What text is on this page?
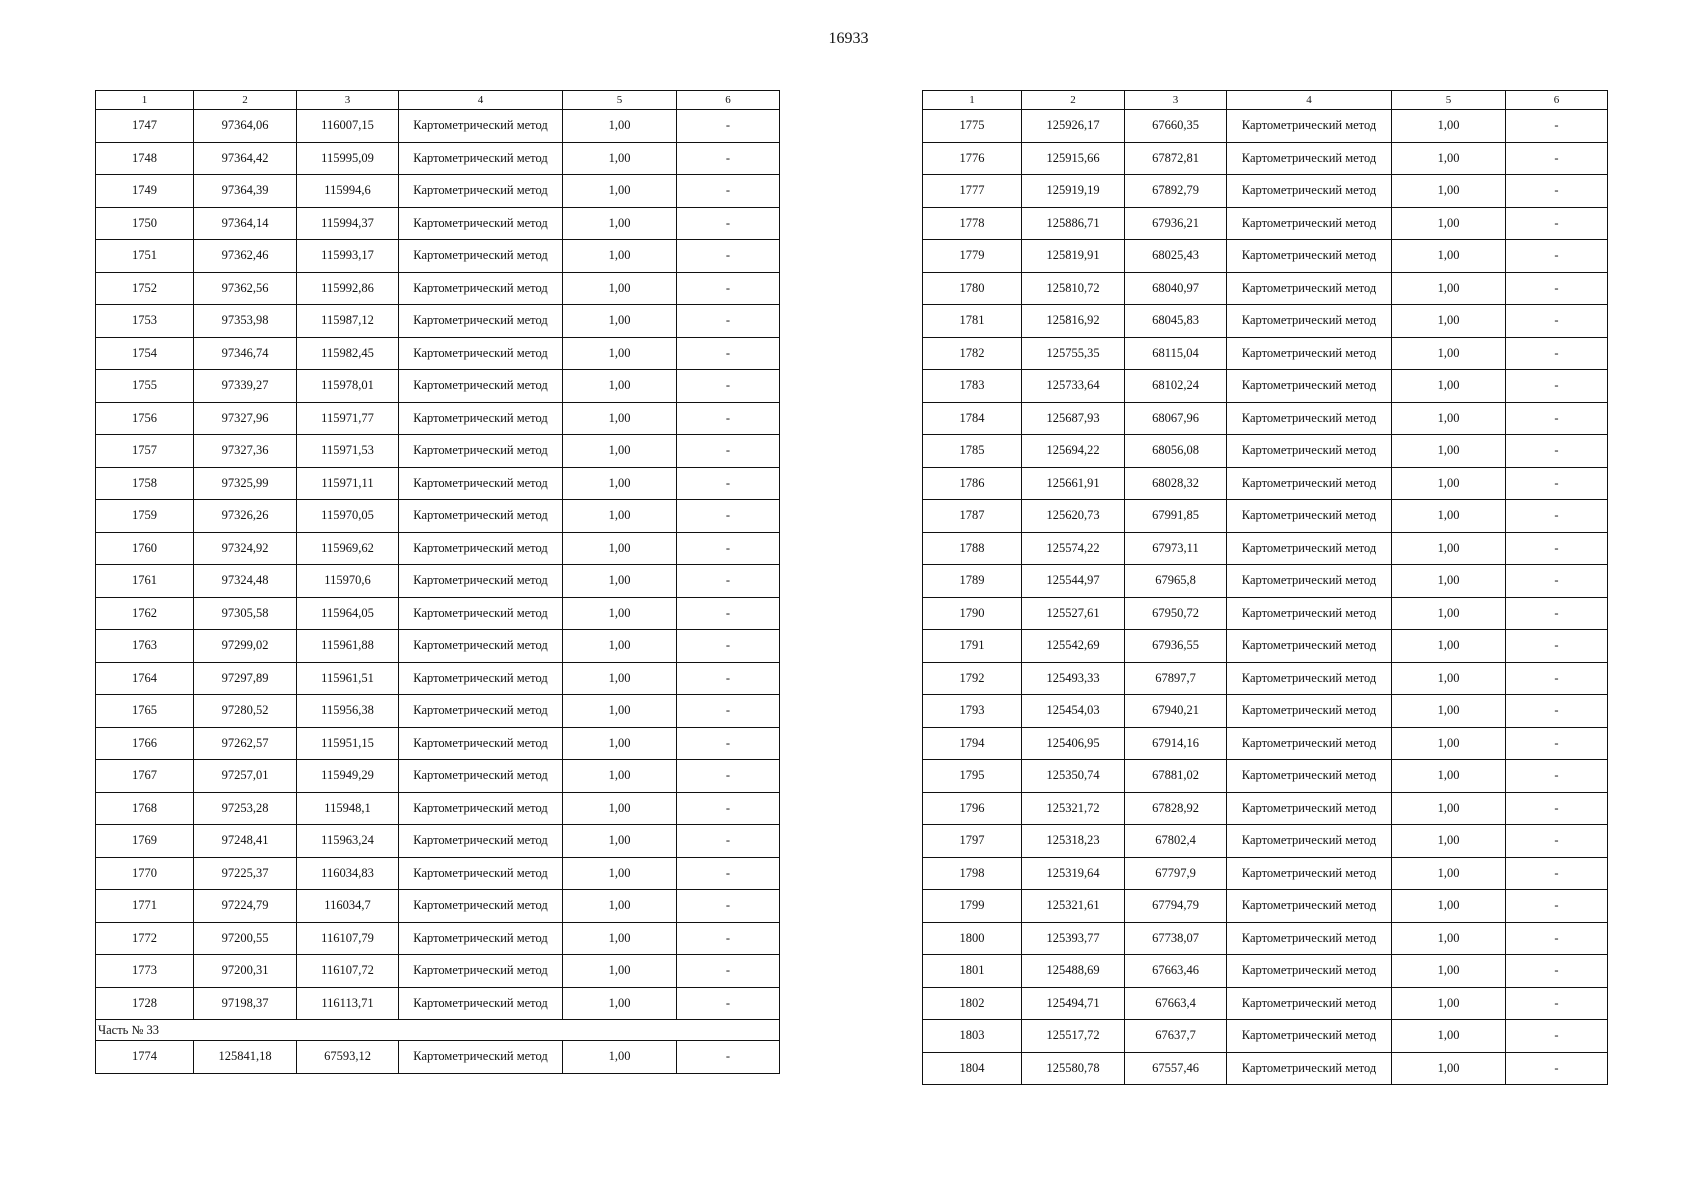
16933
1	2	3	4	5	6
1747	97364,06	116007,15	Картометрический метод	1,00	-
1748	97364,42	115995,09	Картометрический метод	1,00	-
1749	97364,39	115994,6	Картометрический метод	1,00	-
1750	97364,14	115994,37	Картометрический метод	1,00	-
1751	97362,46	115993,17	Картометрический метод	1,00	-
1752	97362,56	115992,86	Картометрический метод	1,00	-
1753	97353,98	115987,12	Картометрический метод	1,00	-
1754	97346,74	115982,45	Картометрический метод	1,00	-
1755	97339,27	115978,01	Картометрический метод	1,00	-
1756	97327,96	115971,77	Картометрический метод	1,00	-
1757	97327,36	115971,53	Картометрический метод	1,00	-
1758	97325,99	115971,11	Картометрический метод	1,00	-
1759	97326,26	115970,05	Картометрический метод	1,00	-
1760	97324,92	115969,62	Картометрический метод	1,00	-
1761	97324,48	115970,6	Картометрический метод	1,00	-
1762	97305,58	115964,05	Картометрический метод	1,00	-
1763	97299,02	115961,88	Картометрический метод	1,00	-
1764	97297,89	115961,51	Картометрический метод	1,00	-
1765	97280,52	115956,38	Картометрический метод	1,00	-
1766	97262,57	115951,15	Картометрический метод	1,00	-
1767	97257,01	115949,29	Картометрический метод	1,00	-
1768	97253,28	115948,1	Картометрический метод	1,00	-
1769	97248,41	115963,24	Картометрический метод	1,00	-
1770	97225,37	116034,83	Картометрический метод	1,00	-
1771	97224,79	116034,7	Картометрический метод	1,00	-
1772	97200,55	116107,79	Картометрический метод	1,00	-
1773	97200,31	116107,72	Картометрический метод	1,00	-
1728	97198,37	116113,71	Картометрический метод	1,00	-
Часть № 33					
1774	125841,18	67593,12	Картометрический метод	1,00	-
1	2	3	4	5	6
1775	125926,17	67660,35	Картометрический метод	1,00	-
1776	125915,66	67872,81	Картометрический метод	1,00	-
1777	125919,19	67892,79	Картометрический метод	1,00	-
1778	125886,71	67936,21	Картометрический метод	1,00	-
1779	125819,91	68025,43	Картометрический метод	1,00	-
1780	125810,72	68040,97	Картометрический метод	1,00	-
1781	125816,92	68045,83	Картометрический метод	1,00	-
1782	125755,35	68115,04	Картометрический метод	1,00	-
1783	125733,64	68102,24	Картометрический метод	1,00	-
1784	125687,93	68067,96	Картометрический метод	1,00	-
1785	125694,22	68056,08	Картометрический метод	1,00	-
1786	125661,91	68028,32	Картометрический метод	1,00	-
1787	125620,73	67991,85	Картометрический метод	1,00	-
1788	125574,22	67973,11	Картометрический метод	1,00	-
1789	125544,97	67965,8	Картометрический метод	1,00	-
1790	125527,61	67950,72	Картометрический метод	1,00	-
1791	125542,69	67936,55	Картометрический метод	1,00	-
1792	125493,33	67897,7	Картометрический метод	1,00	-
1793	125454,03	67940,21	Картометрический метод	1,00	-
1794	125406,95	67914,16	Картометрический метод	1,00	-
1795	125350,74	67881,02	Картометрический метод	1,00	-
1796	125321,72	67828,92	Картометрический метод	1,00	-
1797	125318,23	67802,4	Картометрический метод	1,00	-
1798	125319,64	67797,9	Картометрический метод	1,00	-
1799	125321,61	67794,79	Картометрический метод	1,00	-
1800	125393,77	67738,07	Картометрический метод	1,00	-
1801	125488,69	67663,46	Картометрический метод	1,00	-
1802	125494,71	67663,4	Картометрический метод	1,00	-
1803	125517,72	67637,7	Картометрический метод	1,00	-
1804	125580,78	67557,46	Картометрический метод	1,00	-
